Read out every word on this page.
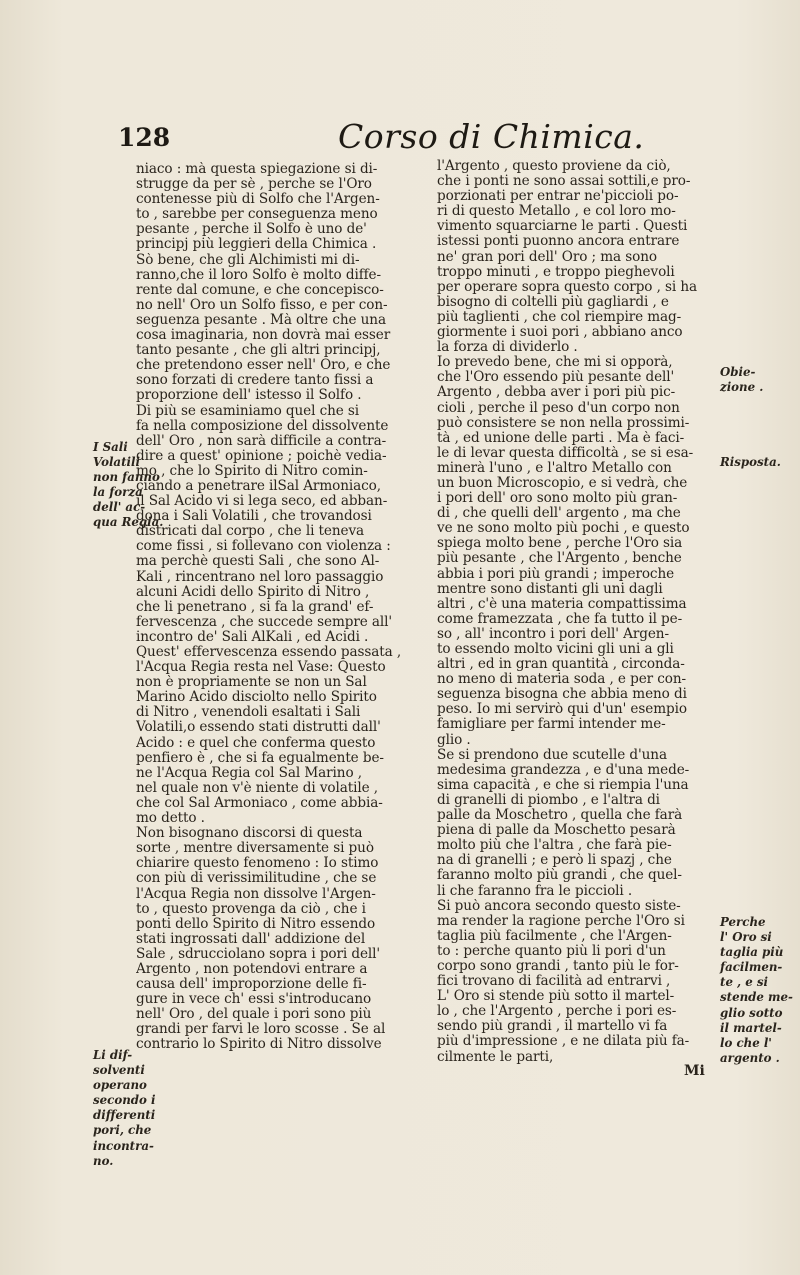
128	Corso di Chimica.
niaco : mà questa spiegazione si di-
strugge da per sè , perche se l'Oro
contenesse più di Solfo che l'Argen-
to , sarebbe per conseguenza meno
pesante , perche il Solfo è uno de'
principj più leggieri della Chimica .
Sò bene, che gli Alchimisti mi di-
ranno,che il loro Solfo è molto diffe-
rente dal comune, e che concepisco-
no nell' Oro un Solfo fisso, e per con-
seguenza pesante . Mà oltre che una
cosa imaginaria, non dovrà mai esser
tanto pesante , che gli altri principj,
che pretendono esser nell' Oro, e che
sono forzati di credere tanto fissi a
proporzione dell' istesso il Solfo .
Di più se esaminiamo quel che si
fa nella composizione del dissolvente
dell' Oro , non sarà difficile a contra-
dire a quest' opinione ; poichè vedia-
mo , che lo Spirito di Nitro comin-
ciando a penetrare ilSal Armoniaco,
il Sal Acido vi si lega seco, ed abban-
dona i Sali Volatili , che trovandosi
districati dal corpo , che li teneva
come fissi , si follevano con violenza :
ma perchè questi Sali , che sono Al-
Kali , rincentrano nel loro passaggio
alcuni Acidi dello Spirito di Nitro ,
che li penetrano , si fa la grand' ef-
fervescenza , che succede sempre all'
incontro de' Sali AlKali , ed Acidi .
Quest' effervescenza essendo passata ,
l'Acqua Regia resta nel Vase: Questo
non è propriamente se non un Sal
Marino Acido disciolto nello Spirito
di Nitro , venendoli esaltati i Sali
Volatili,o essendo stati distrutti dall'
Acido : e quel che conferma questo
penfiero è , che si fa egualmente be-
ne l'Acqua Regia col Sal Marino ,
nel quale non v'è niente di volatile ,
che col Sal Armoniaco , come abbia-
mo detto .
Non bisognano discorsi di questa
sorte , mentre diversamente si può
chiarire questo fenomeno : Io stimo
con più di verissimilitudine , che se
l'Acqua Regia non dissolve l'Argen-
to , questo provenga da ciò , che i
ponti dello Spirito di Nitro essendo
stati ingrossati dall' addizione del
Sale , sdrucciolano sopra i pori dell'
Argento , non potendovi entrare a
causa dell' improporzione delle fi-
gure in vece ch' essi s'introducano
nell' Oro , del quale i pori sono più
grandi per farvi le loro scosse . Se al
contrario lo Spirito di Nitro dissolve
l'Argento , questo proviene da ciò,
che i ponti ne sono assai sottili,e pro-
porzionati per entrar ne'piccioli po-
ri di questo Metallo , e col loro mo-
vimento squarciarne le parti . Questi
istessi ponti puonno ancora entrare
ne' gran pori dell' Oro ; ma sono
troppo minuti , e troppo pieghevoli
per operare sopra questo corpo , si ha
bisogno di coltelli più gagliardi , e
più taglienti , che col riempire mag-
giormente i suoi pori , abbiano anco
la forza di dividerlo .
Io prevedo bene, che mi si opporà,
che l'Oro essendo più pesante dell'
Argento , debba aver i pori più pic-
cioli , perche il peso d'un corpo non
può consistere se non nella prossimi-
tà , ed unione delle parti . Ma è faci-
le di levar questa difficoltà , se si esa-
minerà l'uno , e l'altro Metallo con
un buon Microscopio, e si vedrà, che
i pori dell' oro sono molto più gran-
di , che quelli dell' argento , ma che
ve ne sono molto più pochi , e questo
spiega molto bene , perche l'Oro sia
più pesante , che l'Argento , benche
abbia i pori più grandi ; imperoche
mentre sono distanti gli uni dagli
altri , c'è una materia compattissima
come framezzata , che fa tutto il pe-
so , all' incontro i pori dell' Argen-
to essendo molto vicini gli uni a gli
altri , ed in gran quantità , circonda-
no meno di materia soda , e per con-
seguenza bisogna che abbia meno di
peso. Io mi servirò qui d'un' esempio
famigliare per farmi intender me-
glio .
Se si prendono due scutelle d'una
medesima grandezza , e d'una mede-
sima capacità , e che si riempia l'una
di granelli di piombo , e l'altra di
palle da Moschetro , quella che farà
piena di palle da Moschetto pesarà
molto più che l'altra , che farà pie-
na di granelli ; e però li spazj , che
faranno molto più grandi , che quel-
li che faranno fra le piccioli .
Si può ancora secondo questo siste-
ma render la ragione perche l'Oro si
taglia più facilmente , che l'Argen-
to : perche quanto più li pori d'un
corpo sono grandi , tanto più le for-
fici trovano di facilità ad entrarvi ,
L' Oro si stende più sotto il martel-
lo , che l'Argento , perche i pori es-
sendo più grandi , il martello vi fa
più d'impressione , e ne dilata più fa-
cilmente le parti,
I Sali
Volatili
non fanno
la forza
dell' ac-
qua Regia.
Li dif-
solventi
operano
secondo i
differenti
pori, che
incontra-
no.
Obie-
zione .
Risposta.
Perche
l' Oro si
taglia più
facilmen-
te , e si
stende me-
glio sotto
il martel-
lo che l'
argento .
Mi
